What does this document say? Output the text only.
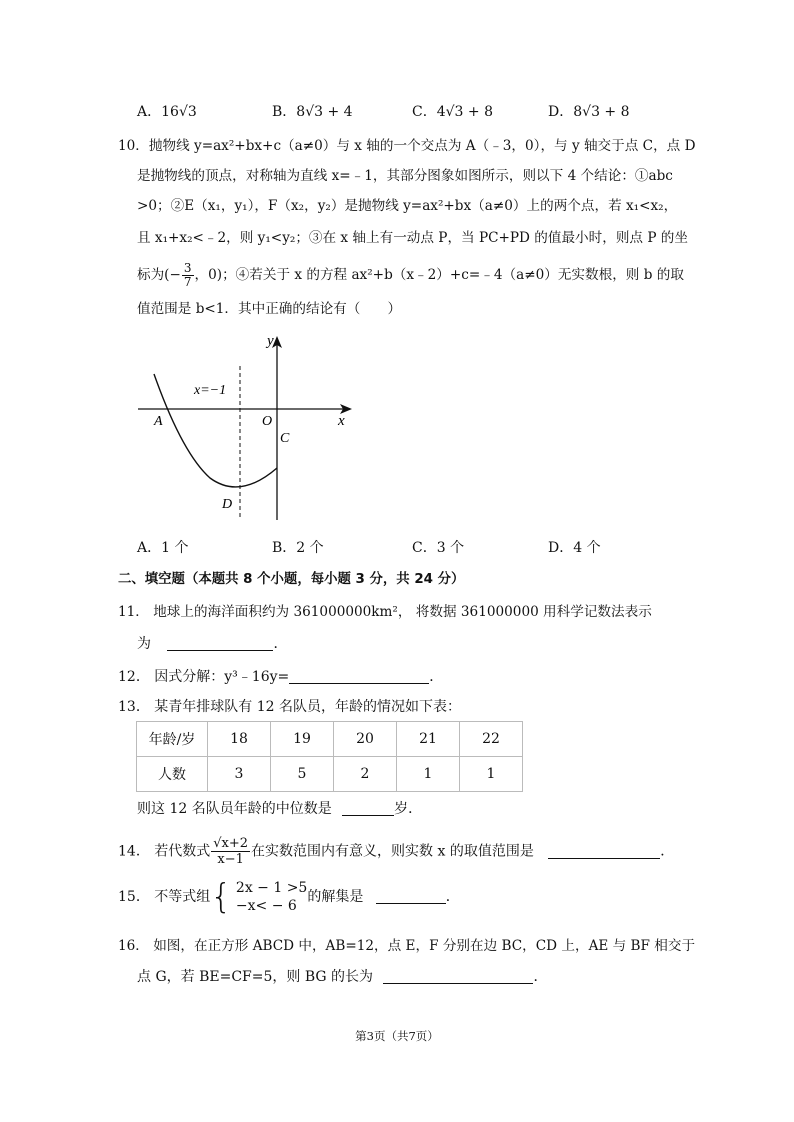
A．16√3	B．8√3 + 4	C．4√3 + 8	D．8√3 + 8
10．抛物线 y=ax²+bx+c（a≠0）与 x 轴的一个交点为 A（﹣3，0），与 y 轴交于点 C，点 D
是抛物线的顶点，对称轴为直线 x=﹣1，其部分图象如图所示，则以下 4 个结论：①abc
>0；②E（x₁，y₁），F（x₂，y₂）是抛物线 y=ax²+bx（a≠0）上的两个点，若 x₁<x₂，
且 x₁+x₂<﹣2，则 y₁<y₂；③在 x 轴上有一动点 P，当 PC+PD 的值最小时，则点 P 的坐
标为(− $\frac{3}{7}$ ，0)；④若关于 x 的方程 ax²+b（x﹣2）+c=﹣4（a≠0）无实数根，则 b 的取
值范围是 b<1．其中正确的结论有（　　）
y
x
O
A
C
D
x=−1
A．1 个	B．2 个	C．3 个	D．4 个
二、填空题（本题共 8 个小题，每小题 3 分，共 24 分）
11． 地球上的海洋面积约为 361000000km²， 将数据 361000000 用科学记数法表示
为	．
12． 因式分解：y³﹣16y=	．
13． 某青年排球队有 12 名队员，年龄的情况如下表：
年龄/岁	18	19	20	21	22
人数	3	5	2	1	1
则这 12 名队员年龄的中位数是	岁．
14． 若代数式 $\frac{√x+2}{x-1}$ 在实数范围内有意义，则实数 x 的取值范围是	．
15． 不等式组{ 2x − 1 >5
−x< − 6
的解集是	．
16． 如图，在正方形 ABCD 中，AB=12，点 E，F 分别在边 BC，CD 上，AE 与 BF 相交于
点 G，若 BE=CF=5，则 BG 的长为	．
第3页（共7页）
